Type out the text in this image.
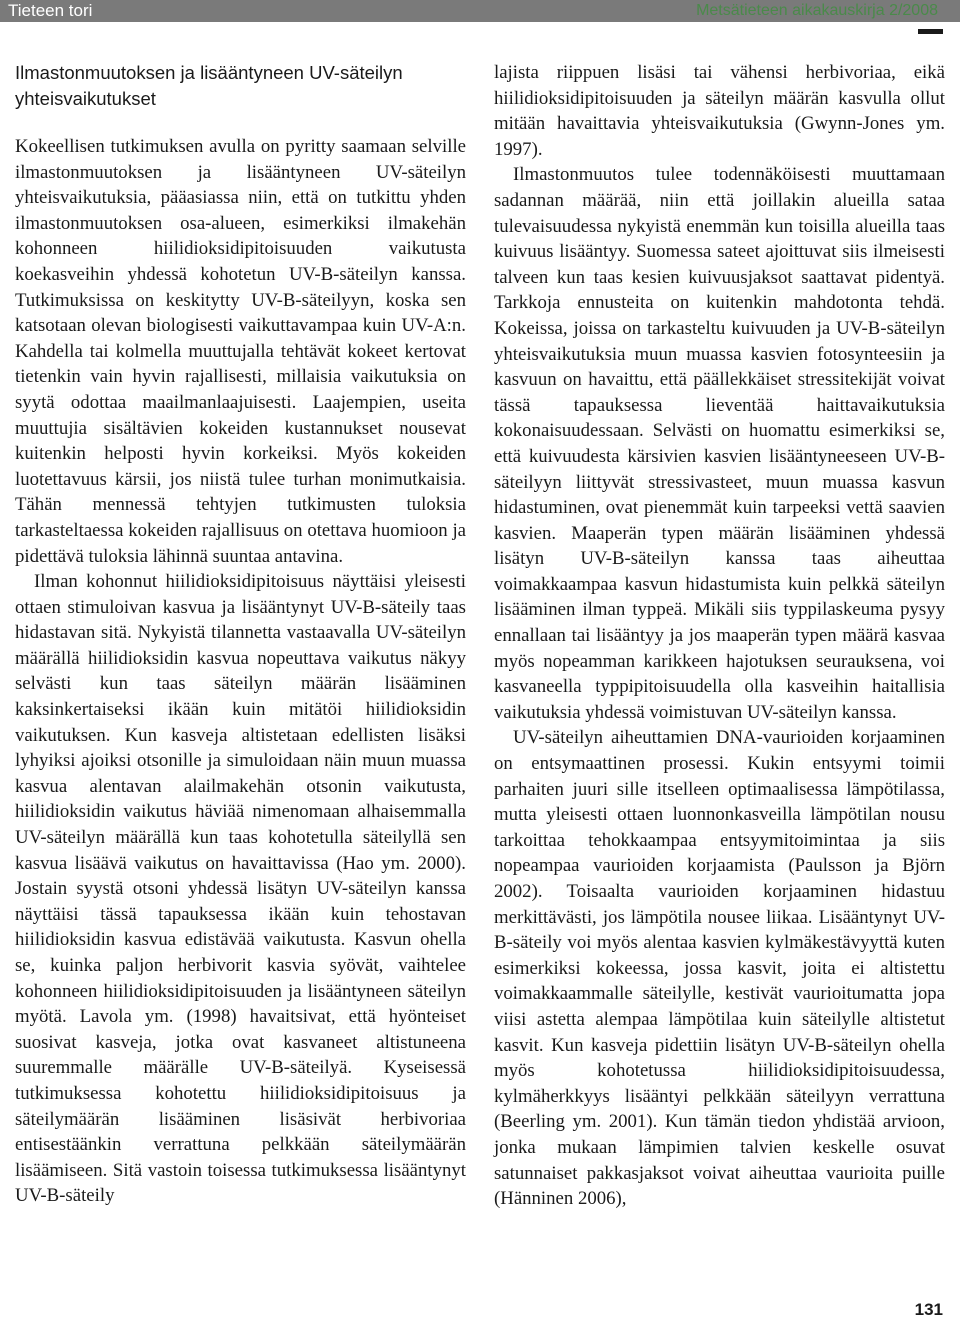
Tieteen tori	Metsätieteen aikakauskirja 2/2008
Ilmastonmuutoksen ja lisääntyneen UV-säteilyn yhteisvaikutukset

Kokeellisen tutkimuksen avulla on pyritty saamaan selville ilmastonmuutoksen ja lisääntyneen UV-säteilyn yhteisvaikutuksia, pääasiassa niin, että on tutkittu yhden ilmastonmuutoksen osa-alueen, esimerkiksi ilmakehän kohonneen hiilidioksidipitoisuuden vaikutusta koekasveihin yhdessä kohotetun UV-B-säteilyn kanssa. Tutkimuksissa on keskitytty UV-B-säteilyyn, koska sen katsotaan olevan biologisesti vaikuttavampaa kuin UV-A:n. Kahdella tai kolmella muuttujalla tehtävät kokeet kertovat tietenkin vain hyvin rajallisesti, millaisia vaikutuksia on syytä odottaa maailmanlaajuisesti. Laajempien, useita muuttujia sisältävien kokeiden kustannukset nousevat kuitenkin helposti hyvin korkeiksi. Myös kokeiden luotettavuus kärsii, jos niistä tulee turhan monimutkaisia. Tähän mennessä tehtyjen tutkimusten tuloksia tarkasteltaessa kokeiden rajallisuus on otettava huomioon ja pidettävä tuloksia lähinnä suuntaa antavina.

Ilman kohonnut hiilidioksidipitoisuus näyttäisi yleisesti ottaen stimuloivan kasvua ja lisääntynyt UV-B-säteily taas hidastavan sitä. Nykyistä tilannetta vastaavalla UV-säteilyn määrällä hiilidioksidin kasvua nopeuttava vaikutus näkyy selvästi kun taas säteilyn määrän lisääminen kaksinkertaiseksi ikään kuin mitätöi hiilidioksidin vaikutuksen. Kun kasveja altistetaan edellisten lisäksi lyhyiksi ajoiksi otsonille ja simuloidaan näin muun muassa kasvua alentavan alailmakehän otsonin vaikutusta, hiilidioksidin vaikutus häviää nimenomaan alhaisemmalla UV-säteilyn määrällä kun taas kohotetulla säteilyllä sen kasvua lisäävä vaikutus on havaittavissa (Hao ym. 2000). Jostain syystä otsoni yhdessä lisätyn UV-säteilyn kanssa näyttäisi tässä tapauksessa ikään kuin tehostavan hiilidioksidin kasvua edistävää vaikutusta. Kasvun ohella se, kuinka paljon herbivorit kasvia syövät, vaihtelee kohonneen hiilidioksidipitoisuuden ja lisääntyneen säteilyn myötä. Lavola ym. (1998) havaitsivat, että hyönteiset suosivat kasveja, jotka ovat kasvaneet altistuneena suuremmalle määrälle UV-B-säteilyä. Kyseisessä tutkimuksessa kohotettu hiilidioksidipitoisuus ja säteilymäärän lisääminen lisäsivät herbivoriaa entisestäänkin verrattuna pelkkään säteilymäärän lisäämiseen. Sitä vastoin toisessa tutkimuksessa lisääntynyt UV-B-säteily

lajista riippuen lisäsi tai vähensi herbivoriaa, eikä hiilidioksidipitoisuuden ja säteilyn määrän kasvulla ollut mitään havaittavia yhteisvaikutuksia (Gwynn-Jones ym. 1997).

Ilmastonmuutos tulee todennäköisesti muuttamaan sadannan määrää, niin että joillakin alueilla sataa tulevaisuudessa nykyistä enemmän kun toisilla alueilla taas kuivuus lisääntyy. Suomessa sateet ajoittuvat siis ilmeisesti talveen kun taas kesien kuivuusjaksot saattavat pidentyä. Tarkkoja ennusteita on kuitenkin mahdotonta tehdä. Kokeissa, joissa on tarkasteltu kuivuuden ja UV-B-säteilyn yhteisvaikutuksia muun muassa kasvien fotosynteesiin ja kasvuun on havaittu, että päällekkäiset stressitekijät voivat tässä tapauksessa lieventää haittavaikutuksia kokonaisuudessaan. Selvästi on huomattu esimerkiksi se, että kuivuudesta kärsivien kasvien lisääntyneeseen UV-B-säteilyyn liittyvät stressivasteet, muun muassa kasvun hidastuminen, ovat pienemmät kuin tarpeeksi vettä saavien kasvien. Maaperän typen määrän lisääminen yhdessä lisätyn UV-B-säteilyn kanssa taas aiheuttaa voimakkaampaa kasvun hidastumista kuin pelkkä säteilyn lisääminen ilman typpeä. Mikäli siis typpilaskeuma pysyy ennallaan tai lisääntyy ja jos maaperän typen määrä kasvaa myös nopeamman karikkeen hajotuksen seurauksena, voi kasvaneella typpipitoisuudella olla kasveihin haitallisia vaikutuksia yhdessä voimistuvan UV-säteilyn kanssa.

UV-säteilyn aiheuttamien DNA-vaurioiden korjaaminen on entsymaattinen prosessi. Kukin entsyymi toimii parhaiten juuri sille itselleen optimaalisessa lämpötilassa, mutta yleisesti ottaen luonnonkasveilla lämpötilan nousu tarkoittaa tehokkaampaa entsyymitoimintaa ja siis nopeampaa vaurioiden korjaamista (Paulsson ja Björn 2002). Toisaalta vaurioiden korjaaminen hidastuu merkittävästi, jos lämpötila nousee liikaa. Lisääntynyt UV-B-säteily voi myös alentaa kasvien kylmäkestävyyttä kuten esimerkiksi kokeessa, jossa kasvit, joita ei altistettu voimakkaammalle säteilylle, kestivät vaurioitumatta jopa viisi astetta alempaa lämpötilaa kuin säteilylle altistetut kasvit. Kun kasveja pidettiin lisätyn UV-B-säteilyn ohella myös kohotetussa hiilidioksidipitoisuudessa, kylmäherkkyys lisääntyi pelkkään säteilyyn verrattuna (Beerling ym. 2001). Kun tämän tiedon yhdistää arvioon, jonka mukaan lämpimien talvien keskelle osuvat satunnaiset pakkasjaksot voivat aiheuttaa vaurioita puille (Hänninen 2006),

131
